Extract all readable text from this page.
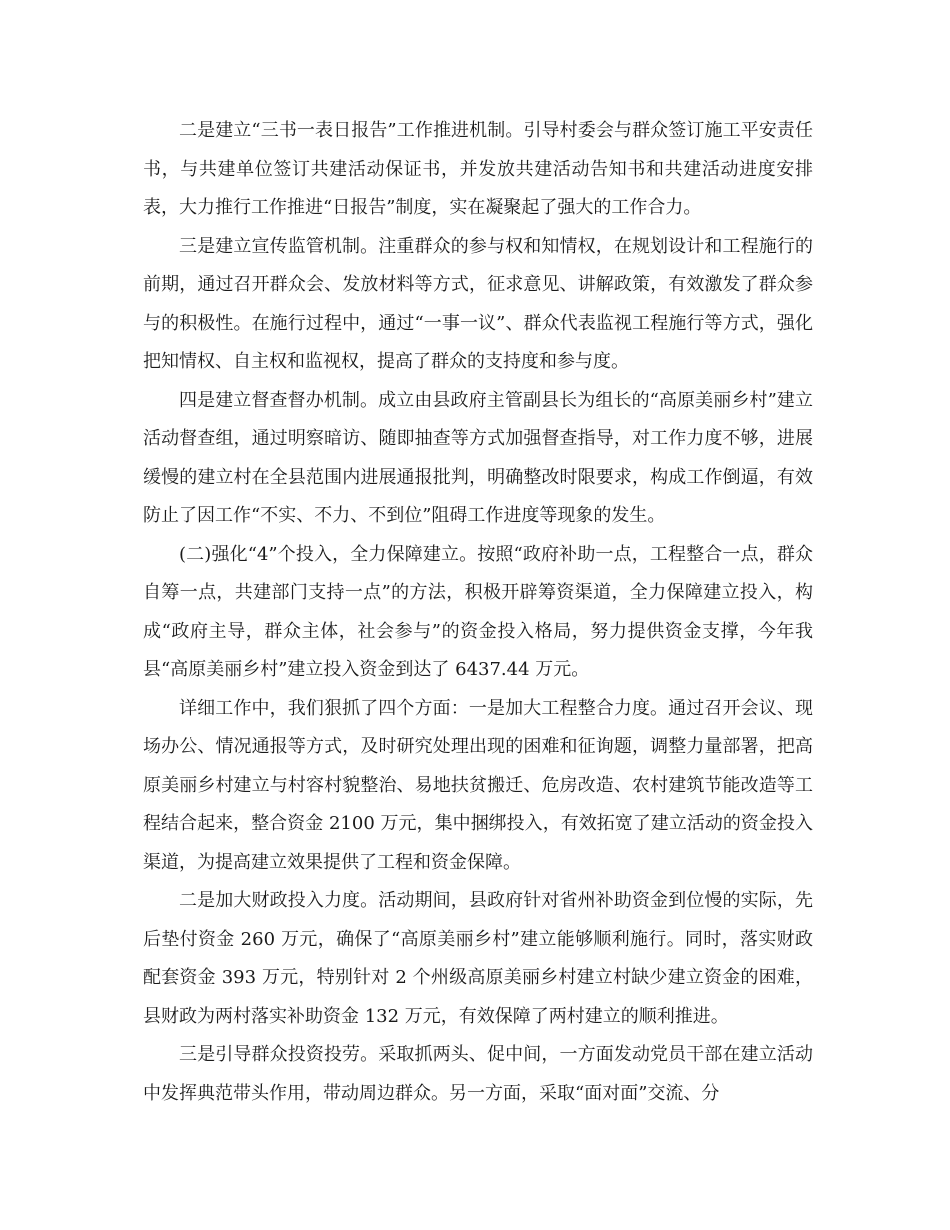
二是建立“三书一表日报告”工作推进机制。引导村委会与群众签订施工平安责任书，与共建单位签订共建活动保证书，并发放共建活动告知书和共建活动进度安排表，大力推行工作推进“日报告”制度，实在凝聚起了强大的工作合力。

三是建立宣传监管机制。注重群众的参与权和知情权，在规划设计和工程施行的前期，通过召开群众会、发放材料等方式，征求意见、讲解政策，有效激发了群众参与的积极性。在施行过程中，通过“一事一议”、群众代表监视工程施行等方式，强化把知情权、自主权和监视权，提高了群众的支持度和参与度。

四是建立督查督办机制。成立由县政府主管副县长为组长的“高原美丽乡村”建立活动督查组，通过明察暗访、随即抽查等方式加强督查指导，对工作力度不够，进展缓慢的建立村在全县范围内进展通报批判，明确整改时限要求，构成工作倒逼，有效防止了因工作“不实、不力、不到位”阻碍工作进度等现象的发生。

(二)强化“4”个投入，全力保障建立。按照“政府补助一点，工程整合一点，群众自筹一点，共建部门支持一点”的方法，积极开辟筹资渠道，全力保障建立投入，构成“政府主导，群众主体，社会参与”的资金投入格局，努力提供资金支撑，今年我县“高原美丽乡村”建立投入资金到达了 6437.44 万元。

详细工作中，我们狠抓了四个方面：一是加大工程整合力度。通过召开会议、现场办公、情况通报等方式，及时研究处理出现的困难和征询题，调整力量部署，把高原美丽乡村建立与村容村貌整治、易地扶贫搬迁、危房改造、农村建筑节能改造等工程结合起来，整合资金 2100 万元，集中捆绑投入，有效拓宽了建立活动的资金投入渠道，为提高建立效果提供了工程和资金保障。

二是加大财政投入力度。活动期间，县政府针对省州补助资金到位慢的实际，先后垫付资金 260 万元，确保了“高原美丽乡村”建立能够顺利施行。同时，落实财政配套资金 393 万元，特别针对 2 个州级高原美丽乡村建立村缺少建立资金的困难，县财政为两村落实补助资金 132 万元，有效保障了两村建立的顺利推进。

三是引导群众投资投劳。采取抓两头、促中间，一方面发动党员干部在建立活动中发挥典范带头作用，带动周边群众。另一方面，采取“面对面”交流、分
